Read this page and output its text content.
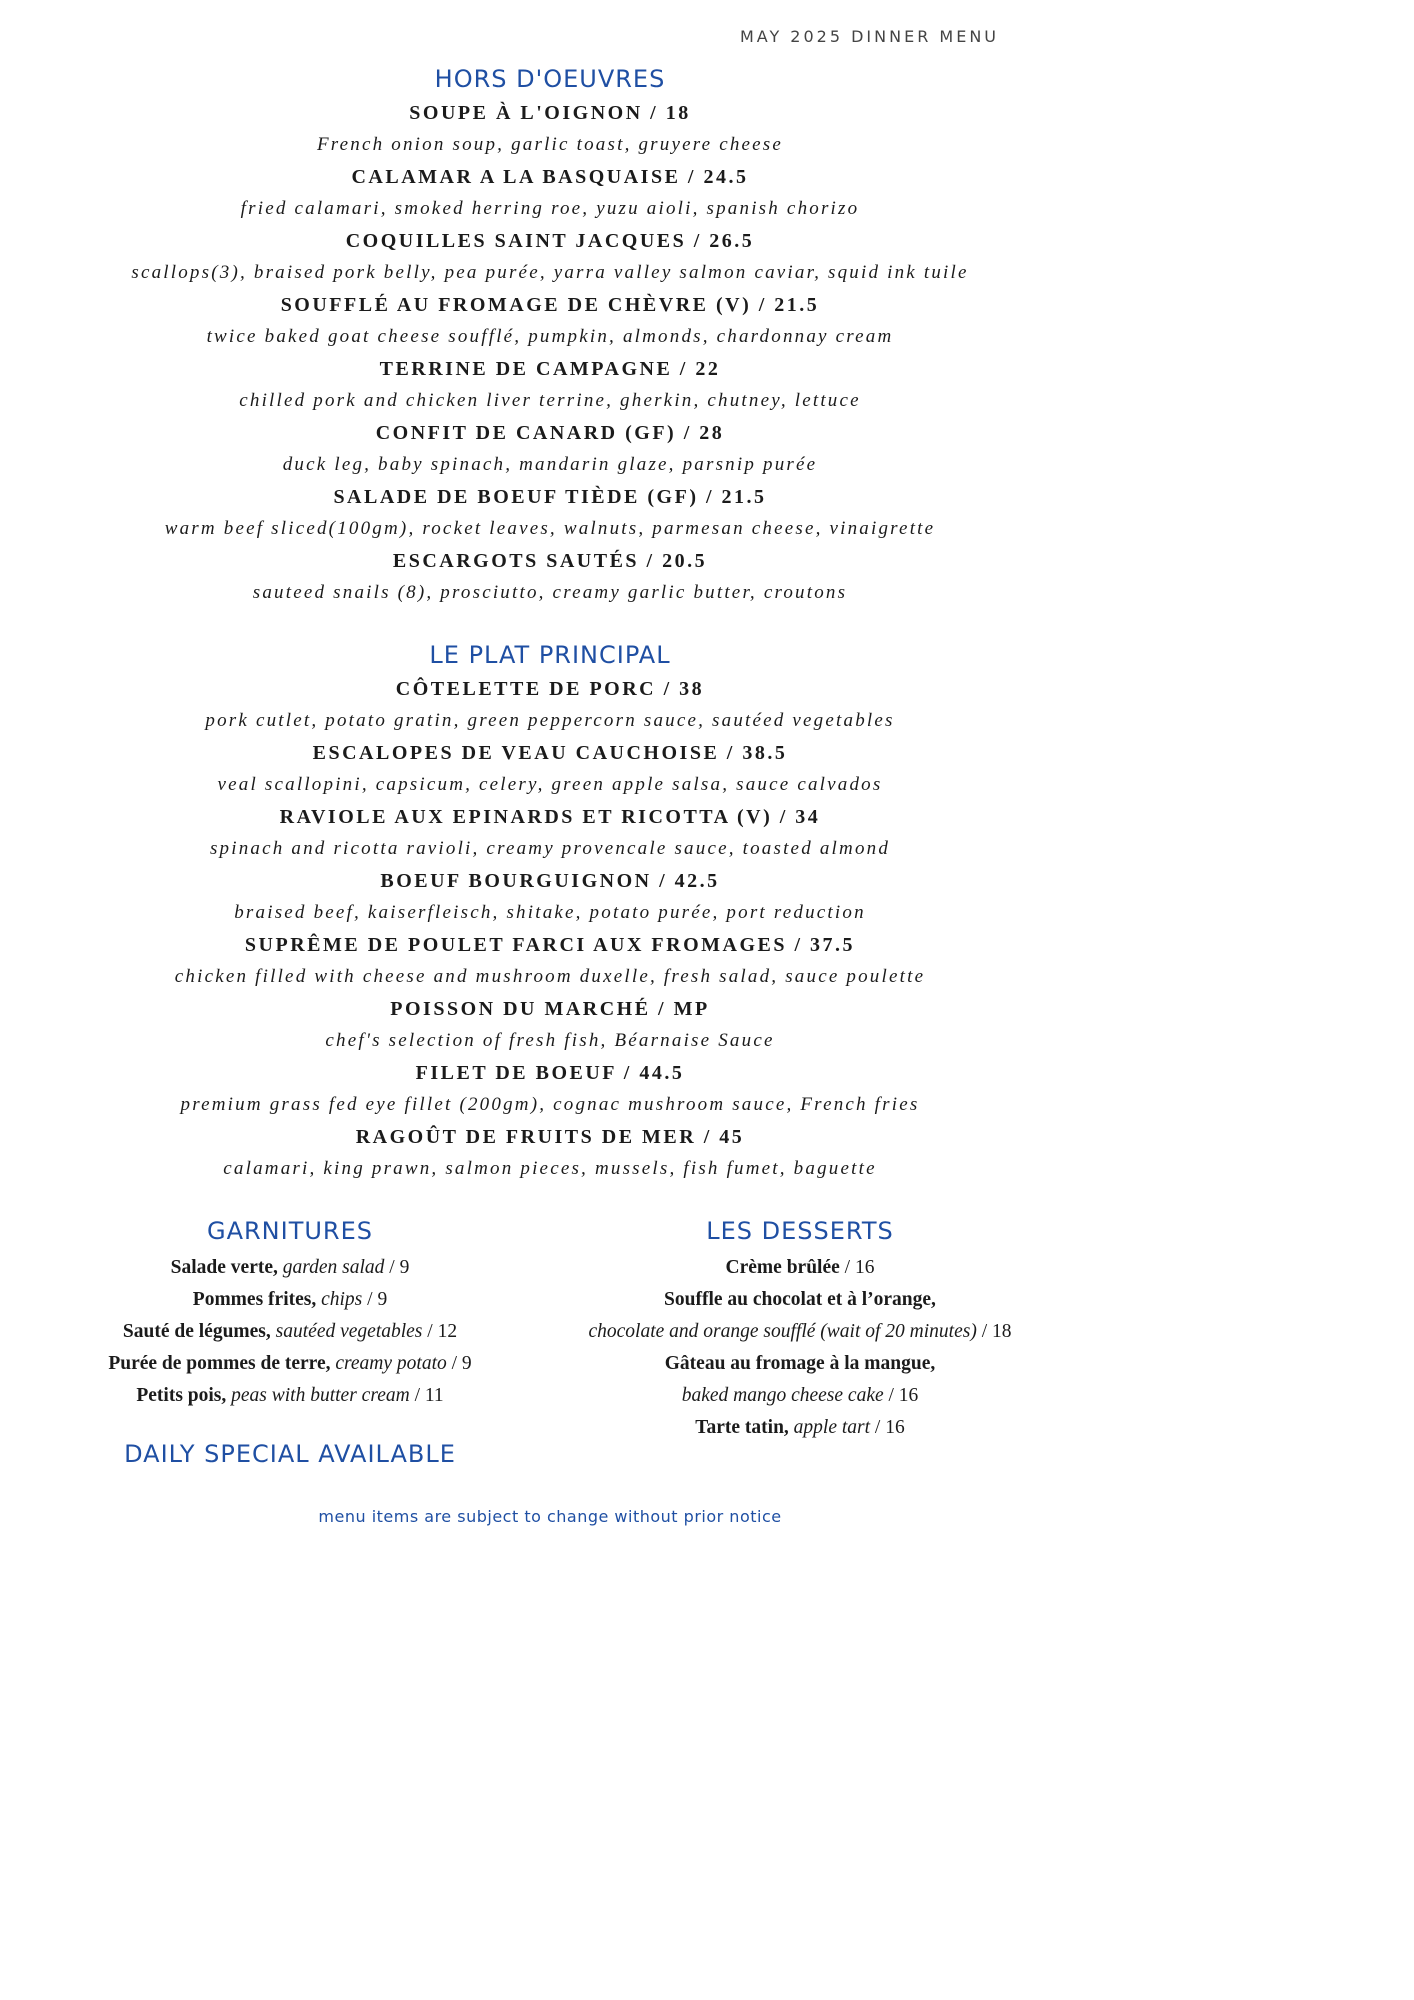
MAY 2025 DINNER MENU
HORS D'OEUVRES
SOUPE À L'OIGNON / 18
French onion soup, garlic toast, gruyere cheese
CALAMAR A LA BASQUAISE / 24.5
fried calamari, smoked herring roe, yuzu aioli, spanish chorizo
COQUILLES SAINT JACQUES / 26.5
scallops(3), braised pork belly, pea purée, yarra valley salmon caviar, squid ink tuile
SOUFFLÉ AU FROMAGE DE CHÈVRE (V) / 21.5
twice baked goat cheese soufflé, pumpkin, almonds, chardonnay cream
TERRINE DE CAMPAGNE / 22
chilled pork and chicken liver terrine, gherkin, chutney, lettuce
CONFIT DE CANARD (GF) / 28
duck leg, baby spinach, mandarin glaze, parsnip purée
SALADE DE BOEUF TIÈDE (GF) / 21.5
warm beef sliced(100gm), rocket leaves, walnuts, parmesan cheese, vinaigrette
ESCARGOTS SAUTÉS / 20.5
sauteed snails (8), prosciutto, creamy garlic butter, croutons
LE PLAT PRINCIPAL
CÔTELETTE DE PORC / 38
pork cutlet, potato gratin, green peppercorn sauce, sautéed vegetables
ESCALOPES DE VEAU CAUCHOISE / 38.5
veal scallopini, capsicum, celery, green apple salsa, sauce calvados
RAVIOLE AUX EPINARDS ET RICOTTA (V) / 34
spinach and ricotta ravioli, creamy provencale sauce, toasted almond
BOEUF BOURGUIGNON / 42.5
braised beef, kaiserfleisch, shitake, potato purée, port reduction
SUPRÊME DE POULET FARCI AUX FROMAGES / 37.5
chicken filled with cheese and mushroom duxelle, fresh salad, sauce poulette
POISSON DU MARCHÉ / MP
chef's selection of fresh fish, Béarnaise Sauce
FILET DE BOEUF / 44.5
premium grass fed eye fillet (200gm), cognac mushroom sauce, French fries
RAGOÛT DE FRUITS DE MER / 45
calamari, king prawn, salmon pieces, mussels, fish fumet, baguette
GARNITURES
Salade verte, garden salad / 9
Pommes frites, chips / 9
Sauté de légumes, sautéed vegetables / 12
Purée de pommes de terre, creamy potato / 9
Petits pois, peas with butter cream / 11
LES DESSERTS
Crème brûlée / 16
Souffle au chocolat et à l’orange,
chocolate and orange soufflé (wait of 20 minutes) / 18
Gâteau au fromage à la mangue,
baked mango cheese cake / 16
Tarte tatin, apple tart / 16
DAILY SPECIAL AVAILABLE
menu items are subject to change without prior notice
